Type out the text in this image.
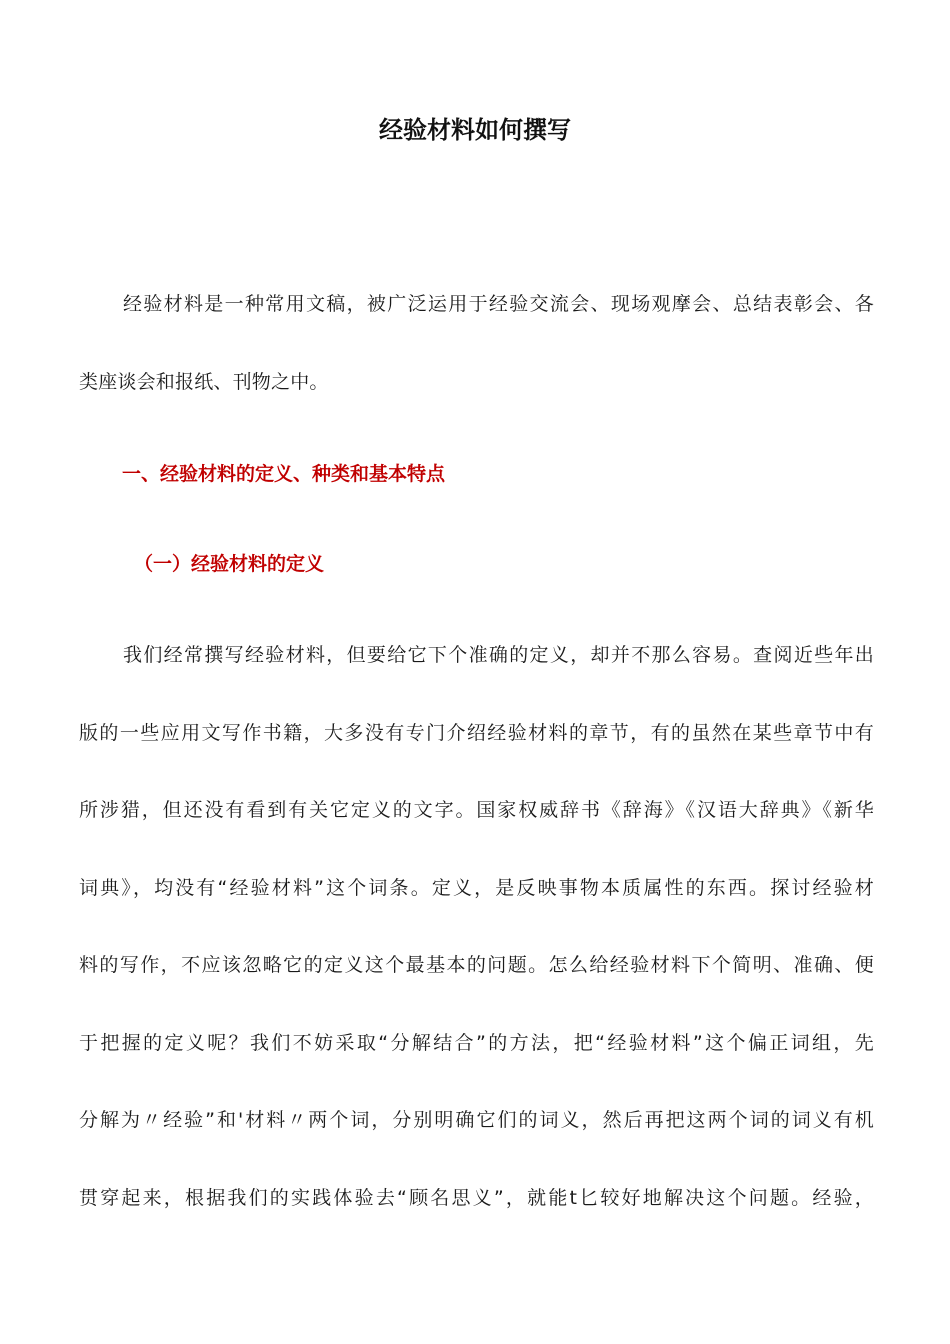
经验材料如何撰写
经验材料是一种常用文稿，被广泛运用于经验交流会、现场观摩会、总结表彰会、各
类座谈会和报纸、刊物之中。
一、经验材料的定义、种类和基本特点
（一）经验材料的定义
我们经常撰写经验材料，但要给它下个准确的定义，却并不那么容易。查阅近些年出
版的一些应用文写作书籍，大多没有专门介绍经验材料的章节，有的虽然在某些章节中有
所涉猎，但还没有看到有关它定义的文字。国家权威辞书《辞海》《汉语大辞典》《新华
词典》，均没有“经验材料”这个词条。定义，是反映事物本质属性的东西。探讨经验材
料的写作，不应该忽略它的定义这个最基本的问题。怎么给经验材料下个简明、准确、便
于把握的定义呢？我们不妨采取“分解结合”的方法，把“经验材料”这个偏正词组，先
分解为〃经验”和'材料〃两个词，分别明确它们的词义，然后再把这两个词的词义有机
贯穿起来，根据我们的实践体验去“顾名思义”，就能t匕较好地解决这个问题。经验，
